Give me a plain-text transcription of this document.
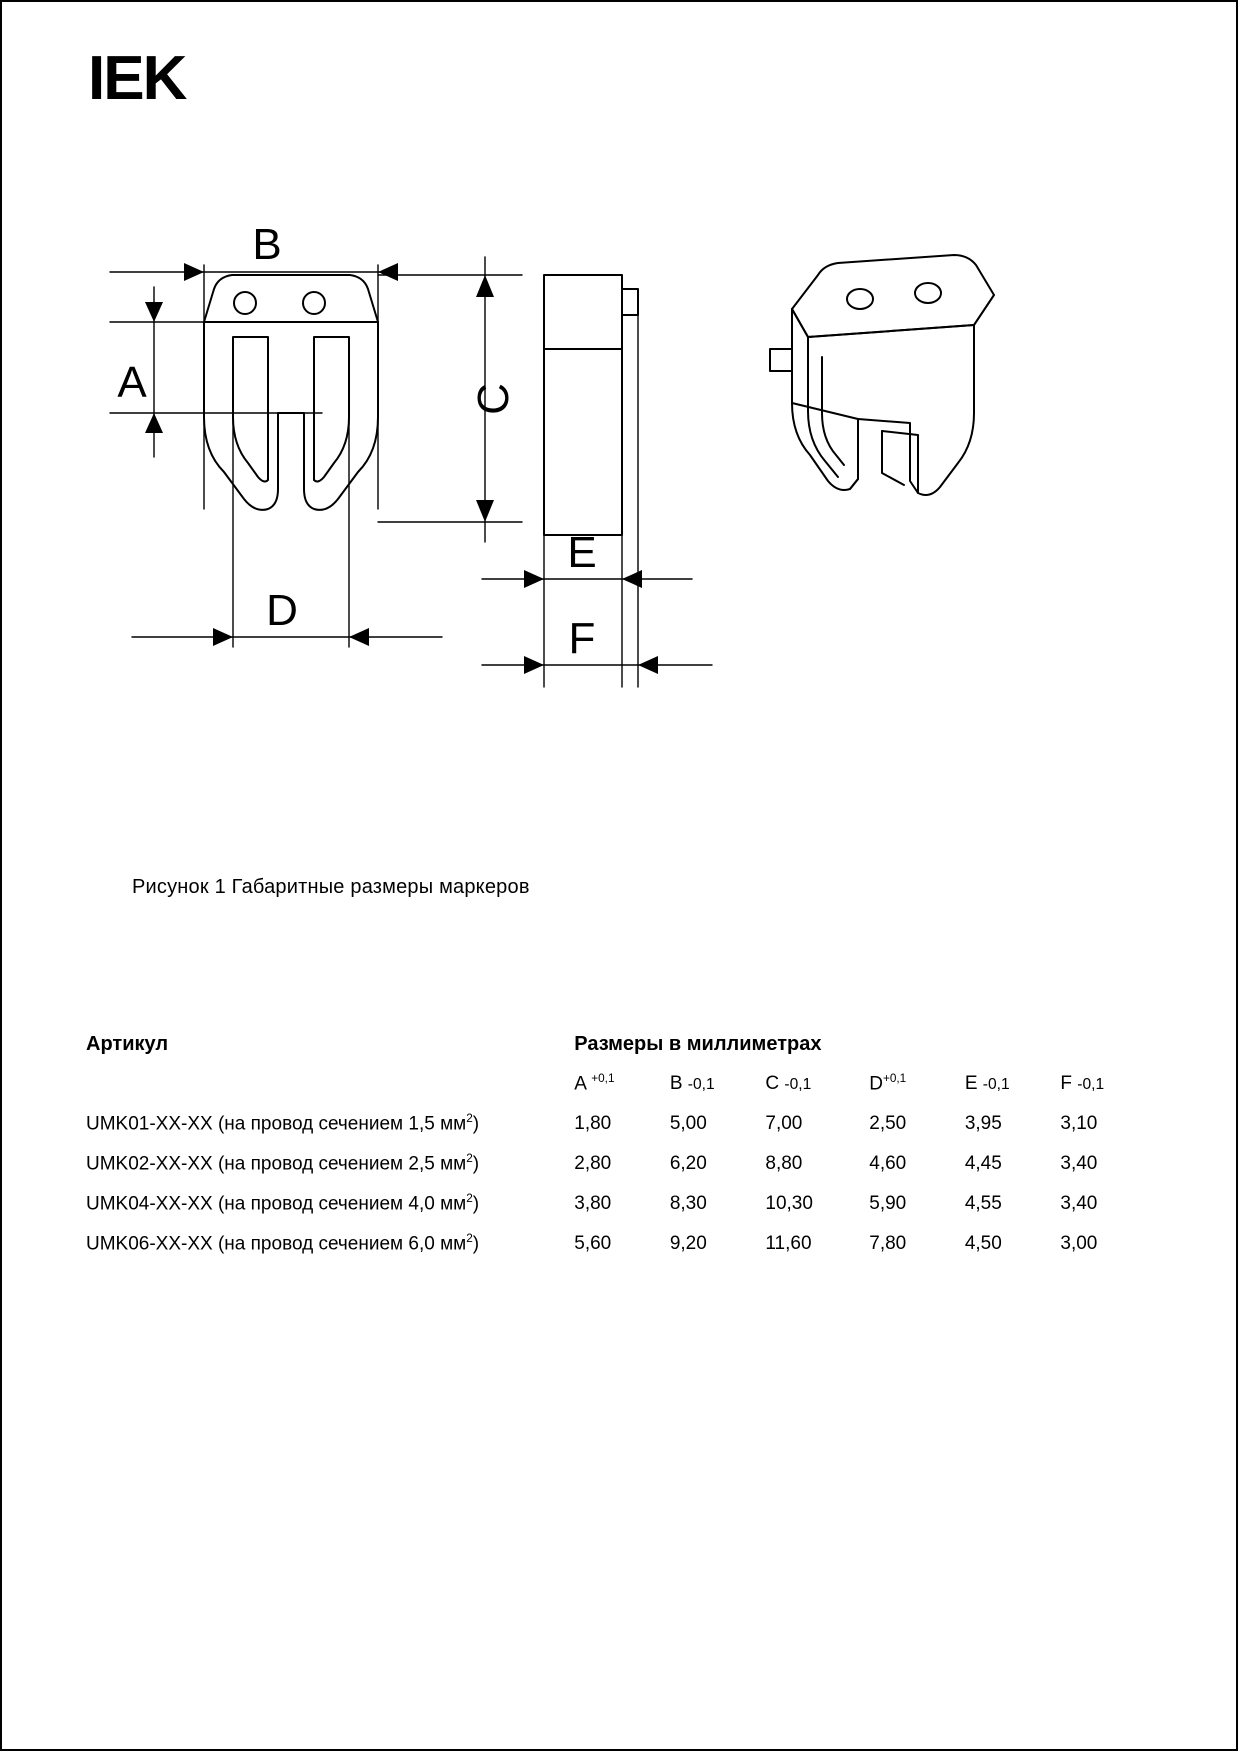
IEK
B
A	C
D
E
F
Рисунок 1 Габаритные размеры маркеров
Артикул	Размеры в миллиметрах					
	A $^{+0,1}$	B -0,1	C -0,1	$D^{+0,1}$	E -0,1	F -0,1
UMK01-XX-XX (на провод сечением 1,5 $мм^2$)	1,80	5,00	7,00	2,50	3,95	3,10
UMK02-XX-XX (на провод сечением 2,5 $мм^2$)	2,80	6,20	8,80	4,60	4,45	3,40
UMK04-XX-XX (на провод сечением 4,0 $мм^2$)	3,80	8,30	10,30	5,90	4,55	3,40
UMK06-XX-XX (на провод сечением 6,0 $мм^2$)	5,60	9,20	11,60	7,80	4,50	3,00
